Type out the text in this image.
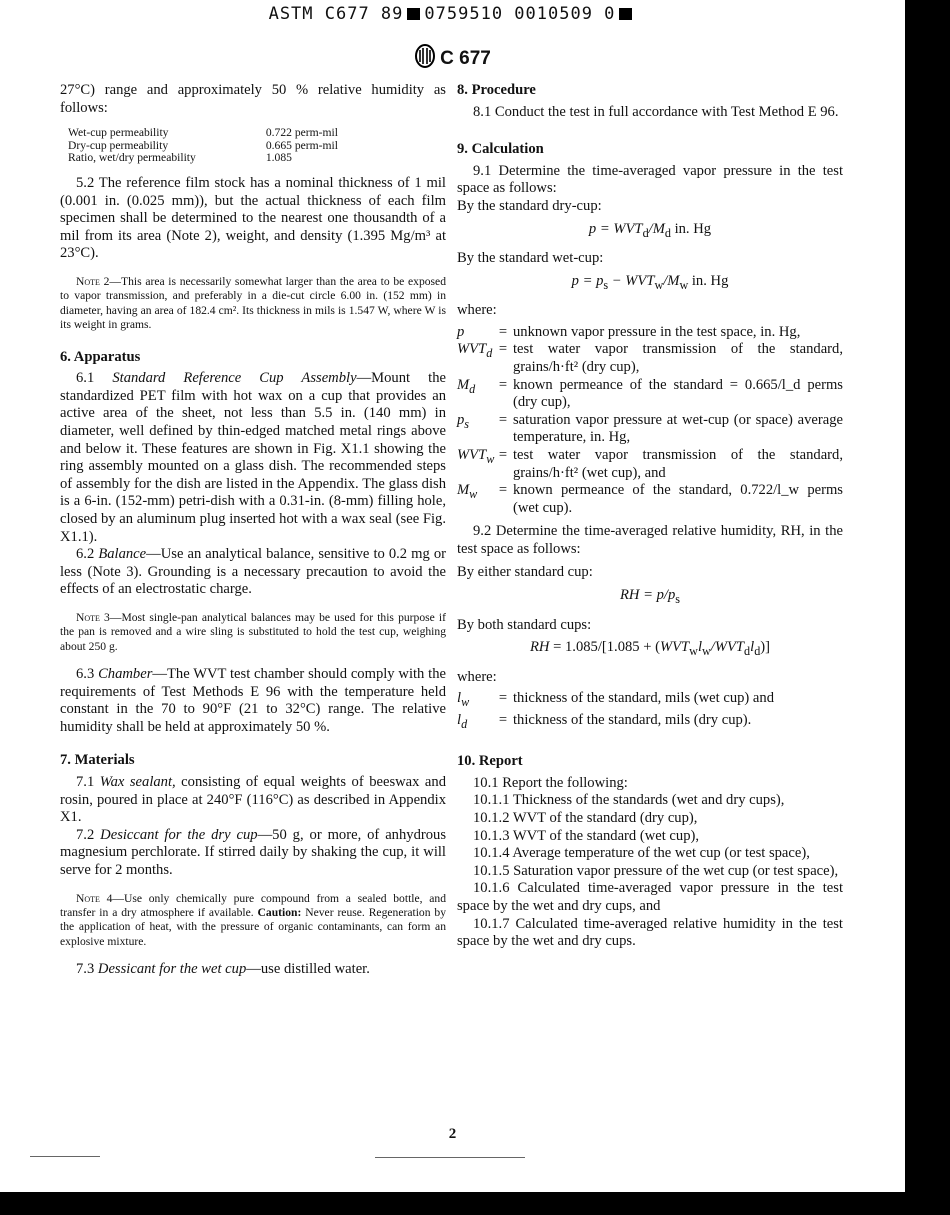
ASTM C677 89 0759510 0010509 0
C 677

27°C) range and approximately 50 % relative humidity as follows:

Wet-cup permeability	0.722 perm-mil
Dry-cup permeability	0.665 perm-mil
Ratio, wet/dry permeability	1.085

5.2 The reference film stock has a nominal thickness of 1 mil (0.001 in. (0.025 mm)), but the actual thickness of each film specimen shall be determined to the nearest one thousandth of a mil from its area (Note 2), weight, and density (1.395 Mg/m³ at 23°C).

Note 2—This area is necessarily somewhat larger than the area to be exposed to vapor transmission, and preferably in a die-cut circle 6.00 in. (152 mm) in diameter, having an area of 182.4 cm². Its thickness in mils is 1.547 W, where W is its weight in grams.

6. Apparatus

6.1 Standard Reference Cup Assembly—Mount the standardized PET film with hot wax on a cup that provides an active area of the sheet, not less than 5.5 in. (140 mm) in diameter, well defined by thin-edged matched metal rings above and below it. These features are shown in Fig. X1.1 showing the ring assembly mounted on a glass dish. The recommended steps of assembly for the dish are listed in the Appendix. The glass dish is a 6-in. (152-mm) petri-dish with a 0.31-in. (8-mm) filling hole, closed by an aluminum plug inserted hot with a wax seal (see Fig. X1.1).

6.2 Balance—Use an analytical balance, sensitive to 0.2 mg or less (Note 3). Grounding is a necessary precaution to avoid the effects of an electrostatic charge.

Note 3—Most single-pan analytical balances may be used for this purpose if the pan is removed and a wire sling is substituted to hold the test cup, weighing about 250 g.

6.3 Chamber—The WVT test chamber should comply with the requirements of Test Methods E 96 with the temperature held constant in the 70 to 90°F (21 to 32°C) range. The relative humidity shall be held at approximately 50 %.

7. Materials

7.1 Wax sealant, consisting of equal weights of beeswax and rosin, poured in place at 240°F (116°C) as described in Appendix X1.

7.2 Desiccant for the dry cup—50 g, or more, of anhydrous magnesium perchlorate. If stirred daily by shaking the cup, it will serve for 2 months.

Note 4—Use only chemically pure compound from a sealed bottle, and transfer in a dry atmosphere if available. Caution: Never reuse. Regeneration by the application of heat, with the pressure of organic contaminants, can form an explosive mixture.

7.3 Dessicant for the wet cup—use distilled water.

8. Procedure

8.1 Conduct the test in full accordance with Test Method E 96.

9. Calculation

9.1 Determine the time-averaged vapor pressure in the test space as follows:

By the standard dry-cup:

$p = WVT_d/M_d$ in. Hg

By the standard wet-cup:

$p = p_s - WVT_w/M_w$ in. Hg

where:

p	= unknown vapor pressure in the test space, in. Hg,
$WVT_d$ = test water vapor transmission of the standard, grains/h·ft² (dry cup),
$M_d$	= known permeance of the standard = 0.665/l_d perms (dry cup),
$p_s$	= saturation vapor pressure at wet-cup (or space) average temperature, in. Hg,
$WVT_w$ = test water vapor transmission of the standard, grains/h·ft² (wet cup), and
$M_w$	= known permeance of the standard, 0.722/l_w perms (wet cup).

9.2 Determine the time-averaged relative humidity, RH, in the test space as follows:

By either standard cup:

RH = $p/p_s$

By both standard cups:

RH = $1.085/[1.085 + (WVT_wl_w/WVT_dl_d)]$

where:

$l_w$	= thickness of the standard, mils (wet cup) and
$l_d$	= thickness of the standard, mils (dry cup).

10. Report

10.1 Report the following:

10.1.1 Thickness of the standards (wet and dry cups),

10.1.2 WVT of the standard (dry cup),

10.1.3 WVT of the standard (wet cup),

10.1.4 Average temperature of the wet cup (or test space),

10.1.5 Saturation vapor pressure of the wet cup (or test space),

10.1.6 Calculated time-averaged vapor pressure in the test space by the wet and dry cups, and

10.1.7 Calculated time-averaged relative humidity in the test space by the wet and dry cups.

2
